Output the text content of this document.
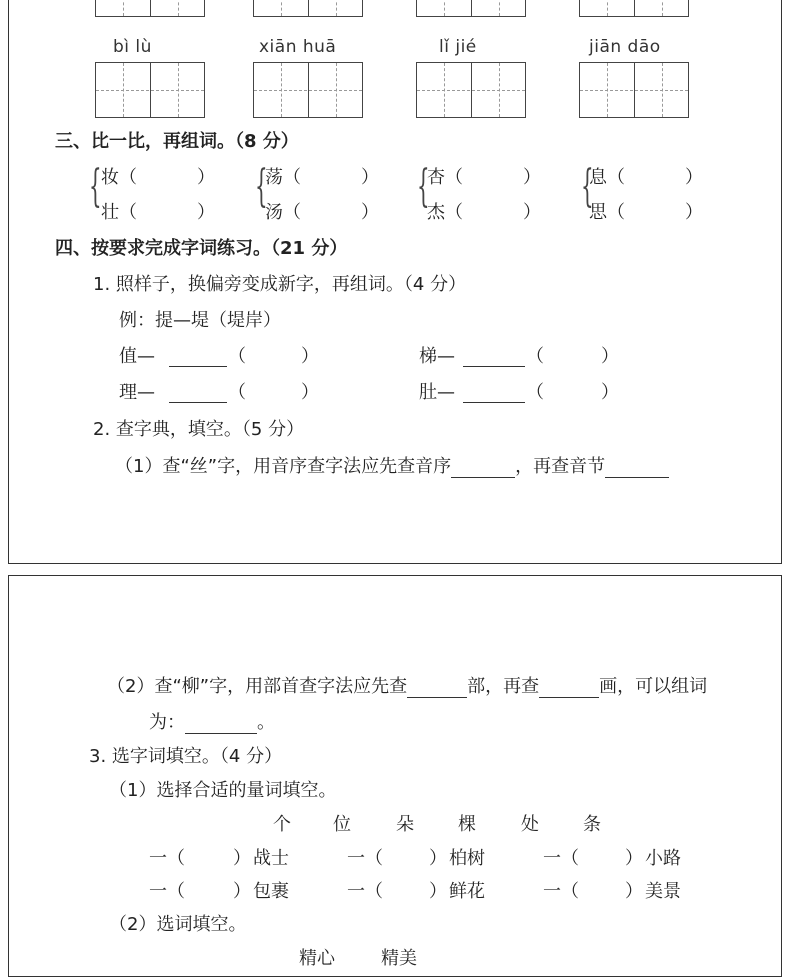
bì lù	xiān huā	lǐ jié	jiān dāo
三、比一比，再组词。（8 分）
{ 妆（	）
壮（	）
{
荡（	）
汤（	）
{
杏（	）
杰（	）
{
息（	）
思（	）
四、按要求完成字词练习。（21 分）
1. 照样子，换偏旁变成新字，再组词。（4 分）
例：提—堤（堤岸）
值—	（	）	梯—	（	）
理—	（	）	肚—	（	）
2. 查字典，填空。（5 分）
（1）查“丝”字，用音序查字法应先查音序	，再查音节
（2）查“柳”字，用部首查字法应先查	部，再查	画，可以组词
为：	。
3. 选字词填空。（4 分）
（1）选择合适的量词填空。
个 位	朵 棵	处 条
一（	） 战士	一（	） 柏树	一（	） 小路
一（	） 包裹	一（	） 鲜花	一（	） 美景
（2）选词填空。
精心	精美
